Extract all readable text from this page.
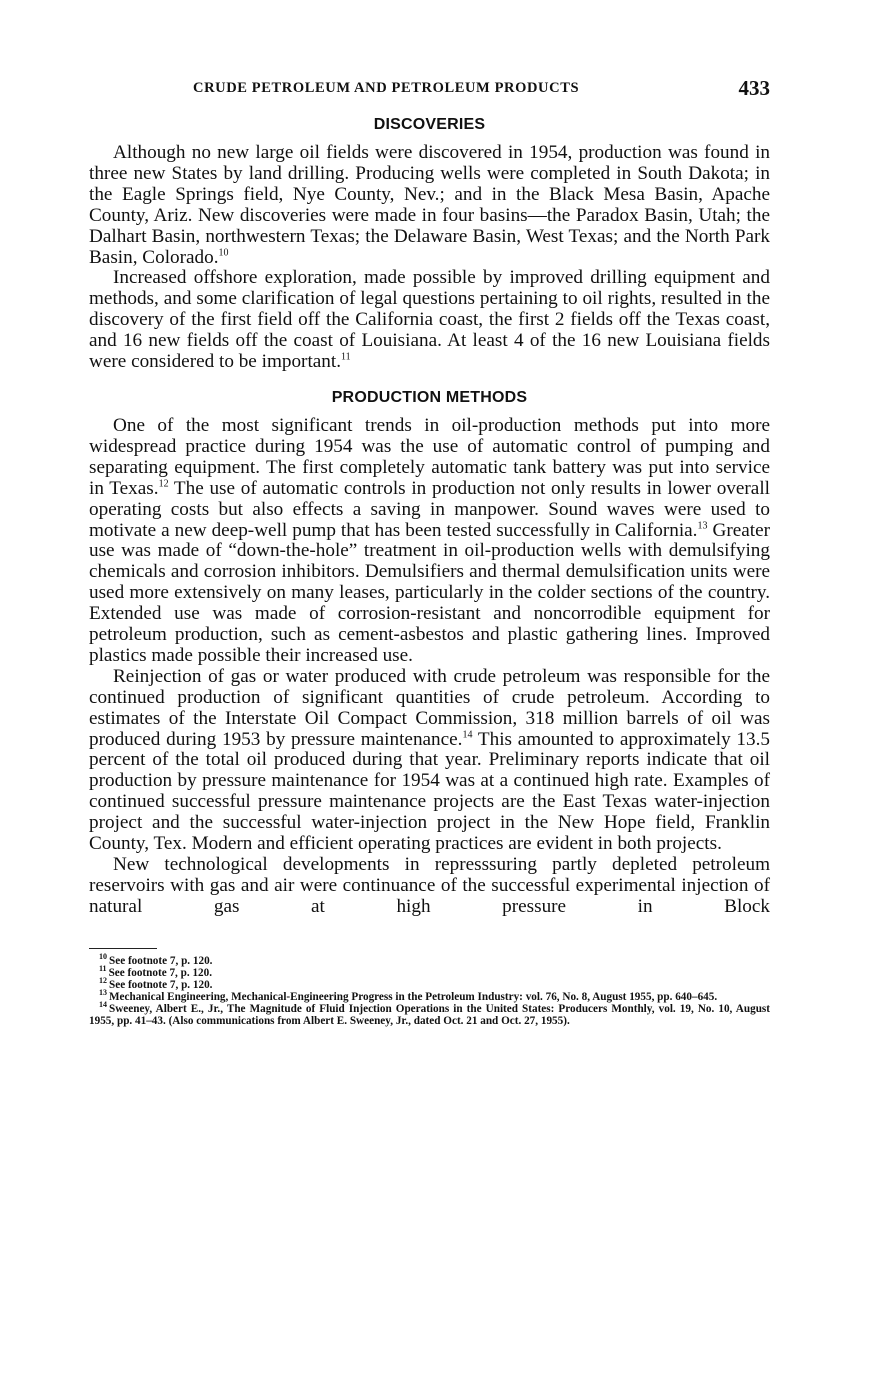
CRUDE PETROLEUM AND PETROLEUM PRODUCTS	433
DISCOVERIES

Although no new large oil fields were discovered in 1954, production was found in three new States by land drilling. Producing wells were completed in South Dakota; in the Eagle Springs field, Nye County, Nev.; and in the Black Mesa Basin, Apache County, Ariz. New discoveries were made in four basins—the Paradox Basin, Utah; the Dalhart Basin, northwestern Texas; the Delaware Basin, West Texas; and the North Park Basin, Colorado.$^{10}$

Increased offshore exploration, made possible by improved drilling equipment and methods, and some clarification of legal questions pertaining to oil rights, resulted in the discovery of the first field off the California coast, the first 2 fields off the Texas coast, and 16 new fields off the coast of Louisiana. At least 4 of the 16 new Louisiana fields were considered to be important.$^{11}$

PRODUCTION METHODS

One of the most significant trends in oil-production methods put into more widespread practice during 1954 was the use of automatic control of pumping and separating equipment. The first completely automatic tank battery was put into service in Texas.$^{12}$ The use of automatic controls in production not only results in lower overall operating costs but also effects a saving in manpower. Sound waves were used to motivate a new deep-well pump that has been tested successfully in California.$^{13}$ Greater use was made of “down-the-hole” treatment in oil-production wells with demulsifying chemicals and corrosion inhibitors. Demulsifiers and thermal demulsification units were used more extensively on many leases, particularly in the colder sections of the country. Extended use was made of corrosion-resistant and noncorrodible equipment for petroleum production, such as cement-asbestos and plastic gathering lines. Improved plastics made possible their increased use.

Reinjection of gas or water produced with crude petroleum was responsible for the continued production of significant quantities of crude petroleum. According to estimates of the Interstate Oil Compact Commission, 318 million barrels of oil was produced during 1953 by pressure maintenance.$^{14}$ This amounted to approximately 13.5 percent of the total oil produced during that year. Preliminary reports indicate that oil production by pressure maintenance for 1954 was at a continued high rate. Examples of continued successful pressure maintenance projects are the East Texas water-injection project and the successful water-injection project in the New Hope field, Franklin County, Tex. Modern and efficient operating practices are evident in both projects.

New technological developments in represssuring partly depleted petroleum reservoirs with gas and air were continuance of the successful experimental injection of natural gas at high pressure in Block

$^{10}$ See footnote 7, p. 120.

$^{11}$ See footnote 7, p. 120.

$^{12}$ See footnote 7, p. 120.

$^{13}$ Mechanical Engineering, Mechanical-Engineering Progress in the Petroleum Industry: vol. 76, No. 8, August 1955, pp. 640–645.

$^{14}$ Sweeney, Albert E., Jr., The Magnitude of Fluid Injection Operations in the United States: Producers Monthly, vol. 19, No. 10, August 1955, pp. 41–43. (Also communications from Albert E. Sweeney, Jr., dated Oct. 21 and Oct. 27, 1955).
